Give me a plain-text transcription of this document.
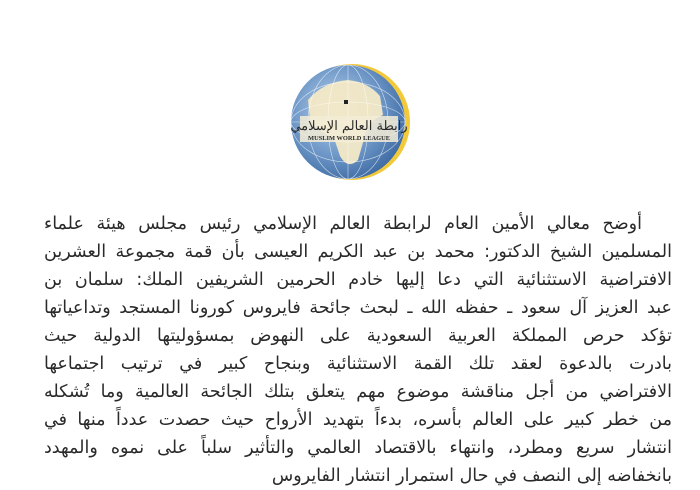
رابطة العالم الإسلامي
MUSLIM WORLD LEAGUE
أوضح معالي الأمين العام لرابطة العالم الإسلامي رئيس مجلس هيئة علماء
المسلمين الشيخ الدكتور: محمد بن عبد الكريم العيسى بأن قمة مجموعة العشرين
الافتراضية الاستثنائية التي دعا إليها خادم الحرمين الشريفين الملك: سلمان بن
عبد العزيز آل سعود ـ حفظه الله ـ لبحث جائحة فايروس كورونا المستجد وتداعياتها
تؤكد حرص المملكة العربية السعودية على النهوض بمسؤوليتها الدولية حيث
بادرت بالدعوة لعقد تلك القمة الاستثنائية وبنجاح كبير في ترتيب اجتماعها
الافتراضي من أجل مناقشة موضوع مهم يتعلق بتلك الجائحة العالمية وما تُشكله
من خطر كبير على العالم بأسره، بدءاً بتهديد الأرواح حيث حصدت عدداً منها في
انتشار سريع ومطرد، وانتهاء بالاقتصاد العالمي والتأثير سلباً على نموه والمهدد
بانخفاضه إلى النصف في حال استمرار انتشار الفايروس
